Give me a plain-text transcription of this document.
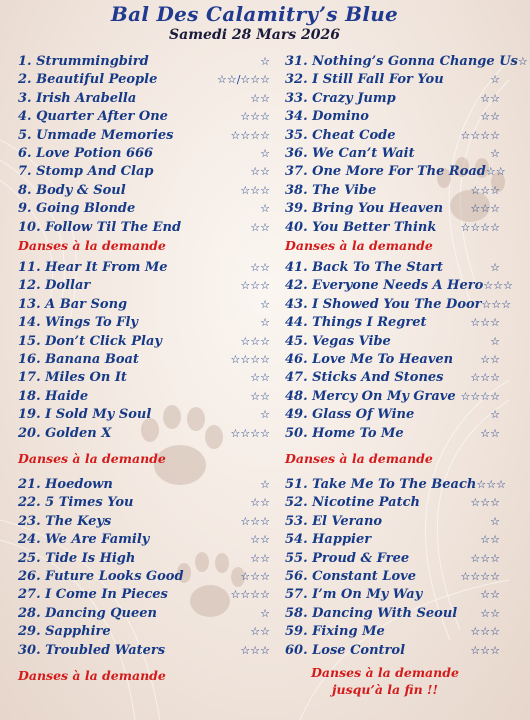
Bal Des Calamitry’s Blue
Samedi 28 Mars 2026
1. Strummingbird	☆
2. Beautiful People	☆☆/☆☆☆
3. Irish Arabella	☆☆
4. Quarter After One	☆☆☆
5. Unmade Memories	☆☆☆☆
6. Love Potion 666	☆
7. Stomp And Clap	☆☆
8. Body & Soul	☆☆☆
9. Going Blonde	☆
10. Follow Til The End	☆☆
Danses à la demande
11. Hear It From Me	☆☆
12. Dollar	☆☆☆
13. A Bar Song	☆
14. Wings To Fly	☆
15. Don’t Click Play	☆☆☆
16. Banana Boat	☆☆☆☆
17. Miles On It	☆☆
18. Haide	☆☆
19. I Sold My Soul	☆
20. Golden X	☆☆☆☆
Danses à la demande
21. Hoedown	☆
22. 5 Times You	☆☆
23. The Keys	☆☆☆
24. We Are Family	☆☆
25. Tide Is High	☆☆
26. Future Looks Good	☆☆☆
27. I Come In Pieces	☆☆☆☆
28. Dancing Queen	☆
29. Sapphire	☆☆
30. Troubled Waters	☆☆☆
Danses à la demande
31. Nothing’s Gonna Change Us ☆
32. I Still Fall For You	☆
33. Crazy Jump	☆☆
34. Domino	☆☆
35. Cheat Code	☆☆☆☆
36. We Can’t Wait	☆
37. One More For The Road ☆☆
38. The Vibe	☆☆☆
39. Bring You Heaven ☆☆☆
40. You Better Think ☆☆☆☆
Danses à la demande
41. Back To The Start	☆
42. Everyone Needs A Hero ☆☆☆
43. I Showed You The Door ☆☆☆
44. Things I Regret	☆☆☆
45. Vegas Vibe	☆
46. Love Me To Heaven ☆☆
47. Sticks And Stones ☆☆☆
48. Mercy On My Grave ☆☆☆☆
49. Glass Of Wine	☆
50. Home To Me	☆☆
Danses à la demande
51. Take Me To The Beach ☆☆☆
52. Nicotine Patch	☆☆☆
53. El Verano	☆
54. Happier	☆☆
55. Proud & Free	☆☆☆
56. Constant Love	☆☆☆☆
57. I’m On My Way	☆☆
58. Dancing With Seoul ☆☆
59. Fixing Me	☆☆☆
60. Lose Control	☆☆☆
Danses à la demande
jusqu’à la fin !!
